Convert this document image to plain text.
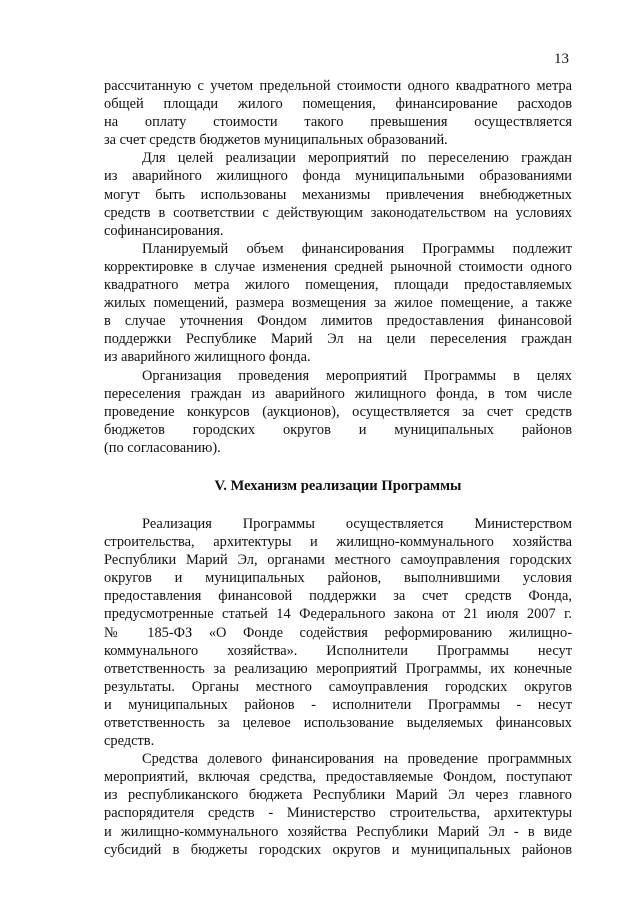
13
рассчитанную с учетом предельной стоимости одного квадратного метра
общей площади жилого помещения, финансирование расходов
на оплату стоимости такого превышения осуществляется
за счет средств бюджетов муниципальных образований.
Для целей реализации мероприятий по переселению граждан
из аварийного жилищного фонда муниципальными образованиями
могут быть использованы механизмы привлечения внебюджетных
средств в соответствии с действующим законодательством на условиях
софинансирования.
Планируемый объем финансирования Программы подлежит
корректировке в случае изменения средней рыночной стоимости одного
квадратного метра жилого помещения, площади предоставляемых
жилых помещений, размера возмещения за жилое помещение, а также
в случае уточнения Фондом лимитов предоставления финансовой
поддержки Республике Марий Эл на цели переселения граждан
из аварийного жилищного фонда.
Организация проведения мероприятий Программы в целях
переселения граждан из аварийного жилищного фонда, в том числе
проведение конкурсов (аукционов), осуществляется за счет средств
бюджетов городских округов и муниципальных районов
(по согласованию).
V. Механизм реализации Программы
Реализация Программы осуществляется Министерством
строительства, архитектуры и жилищно-коммунального хозяйства
Республики Марий Эл, органами местного самоуправления городских
округов и муниципальных районов, выполнившими условия
предоставления финансовой поддержки за счет средств Фонда,
предусмотренные статьей 14 Федерального закона от 21 июля 2007 г.
№ 185-ФЗ «О Фонде содействия реформированию жилищно-
коммунального хозяйства». Исполнители Программы несут
ответственность за реализацию мероприятий Программы, их конечные
результаты. Органы местного самоуправления городских округов
и муниципальных районов - исполнители Программы - несут
ответственность за целевое использование выделяемых финансовых
средств.
Средства долевого финансирования на проведение программных
мероприятий, включая средства, предоставляемые Фондом, поступают
из республиканского бюджета Республики Марий Эл через главного
распорядителя средств - Министерство строительства, архитектуры
и жилищно-коммунального хозяйства Республики Марий Эл - в виде
субсидий в бюджеты городских округов и муниципальных районов
